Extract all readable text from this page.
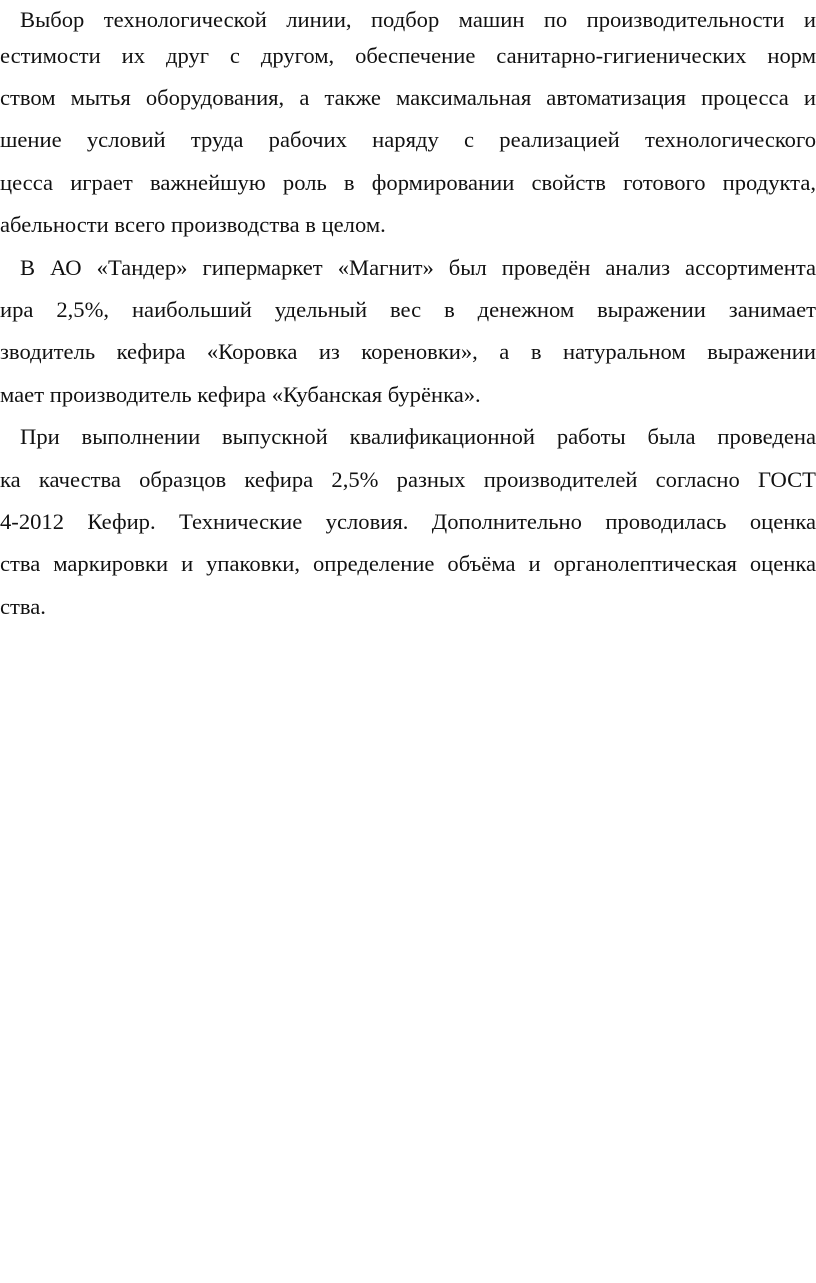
Выбор технологической линии, подбор машин по производительности и
естимости их друг с другом, обеспечение санитарно-гигиенических норм
ством мытья оборудования, а также максимальная автоматизация процесса и
шение условий труда рабочих наряду с реализацией технологического
цесса играет важнейшую роль в формировании свойств готового продукта,
абельности всего производства в целом.
В АО «Тандер» гипермаркет «Магнит» был проведён анализ ассортимента
ира 2,5%, наибольший удельный вес в денежном выражении занимает
зводитель кефира «Коровка из кореновки», а в натуральном выражении
мает производитель кефира «Кубанская бурёнка».
При выполнении выпускной квалификационной работы была проведена
ка качества образцов кефира 2,5% разных производителей согласно ГОСТ
4-2012 Кефир. Технические условия. Дополнительно проводилась оценка
ства маркировки и упаковки, определение объёма и органолептическая оценка
ства.
